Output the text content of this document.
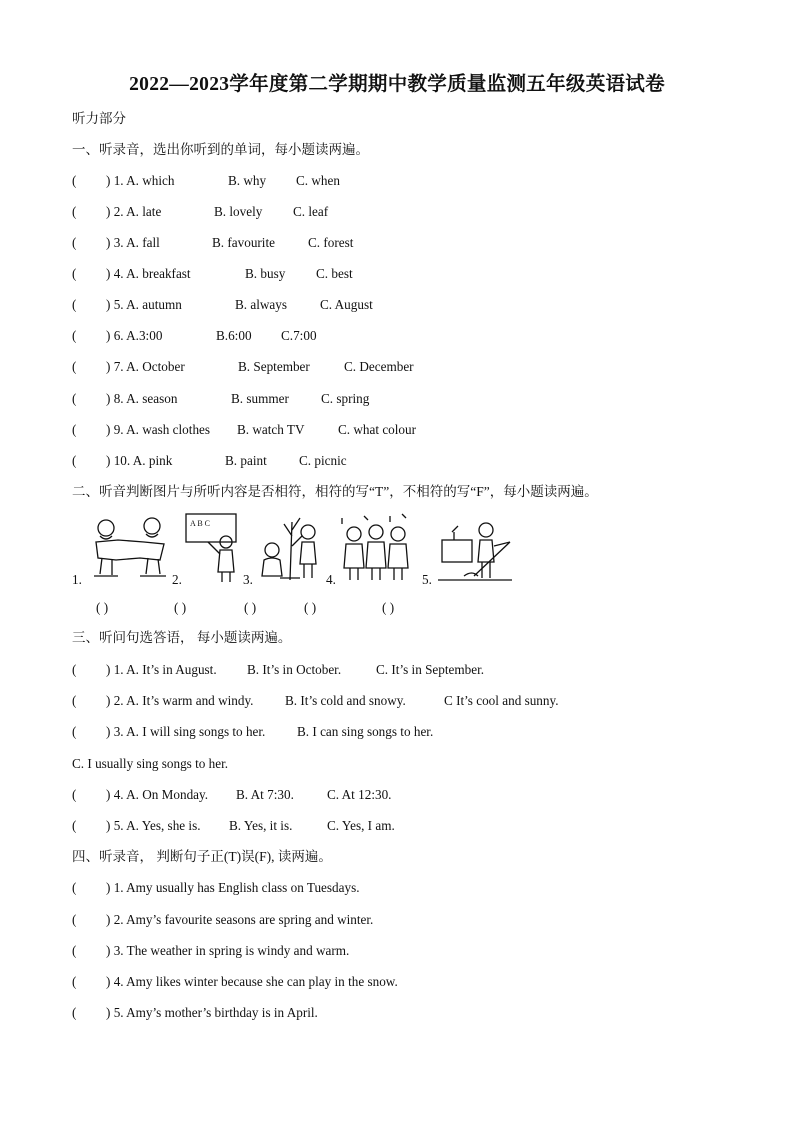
2022—2023学年度第二学期期中教学质量监测五年级英语试卷
听力部分
一、听录音，选出你听到的单词，每小题读两遍。
( ) 1. A. which	B. why C. when
( ) 2. A. late	B. lovely C. leaf
( ) 3. A. fall	B. favourite	C. forest
( ) 4. A. breakfast	B. busy C. best
( ) 5. A. autumn	B. always C. August
( ) 6. A.3:00	B.6:00 C.7:00
( ) 7. A. October	B. September	C. December
( ) 8. A. season	B. summer C. spring
( ) 9. A. wash clothes B. watch TV	C. what colour
( ) 10. A. pink	B. paint C. picnic
二、听音判断图片与所听内容是否相符，相符的写“T”，不相符的写“F”，每小题读两遍。
1.	2.
A B C
3.	4.	5.
( )	( )	( )	( )	( )
三、听问句选答语， 每小题读两遍。
( ) 1. A. It’s in August. B. It’s in October.	C. It’s in September.
( ) 2. A. It’s warm and windy. B. It’s cold and snowy.	C It’s cool and sunny.
( ) 3. A. I will sing songs to her. B. I can sing songs to her.
C. I usually sing songs to her.
( ) 4. A. On Monday. B. At 7:30.	C. At 12:30.
( ) 5. A. Yes, she is. B. Yes, it is.	C. Yes, I am.
四、听录音， 判断句子正(T)误(F), 读两遍。
( ) 1. Amy usually has English class on Tuesdays.
( ) 2. Amy’s favourite seasons are spring and winter.
( ) 3. The weather in spring is windy and warm.
( ) 4. Amy likes winter because she can play in the snow.
( ) 5. Amy’s mother’s birthday is in April.
